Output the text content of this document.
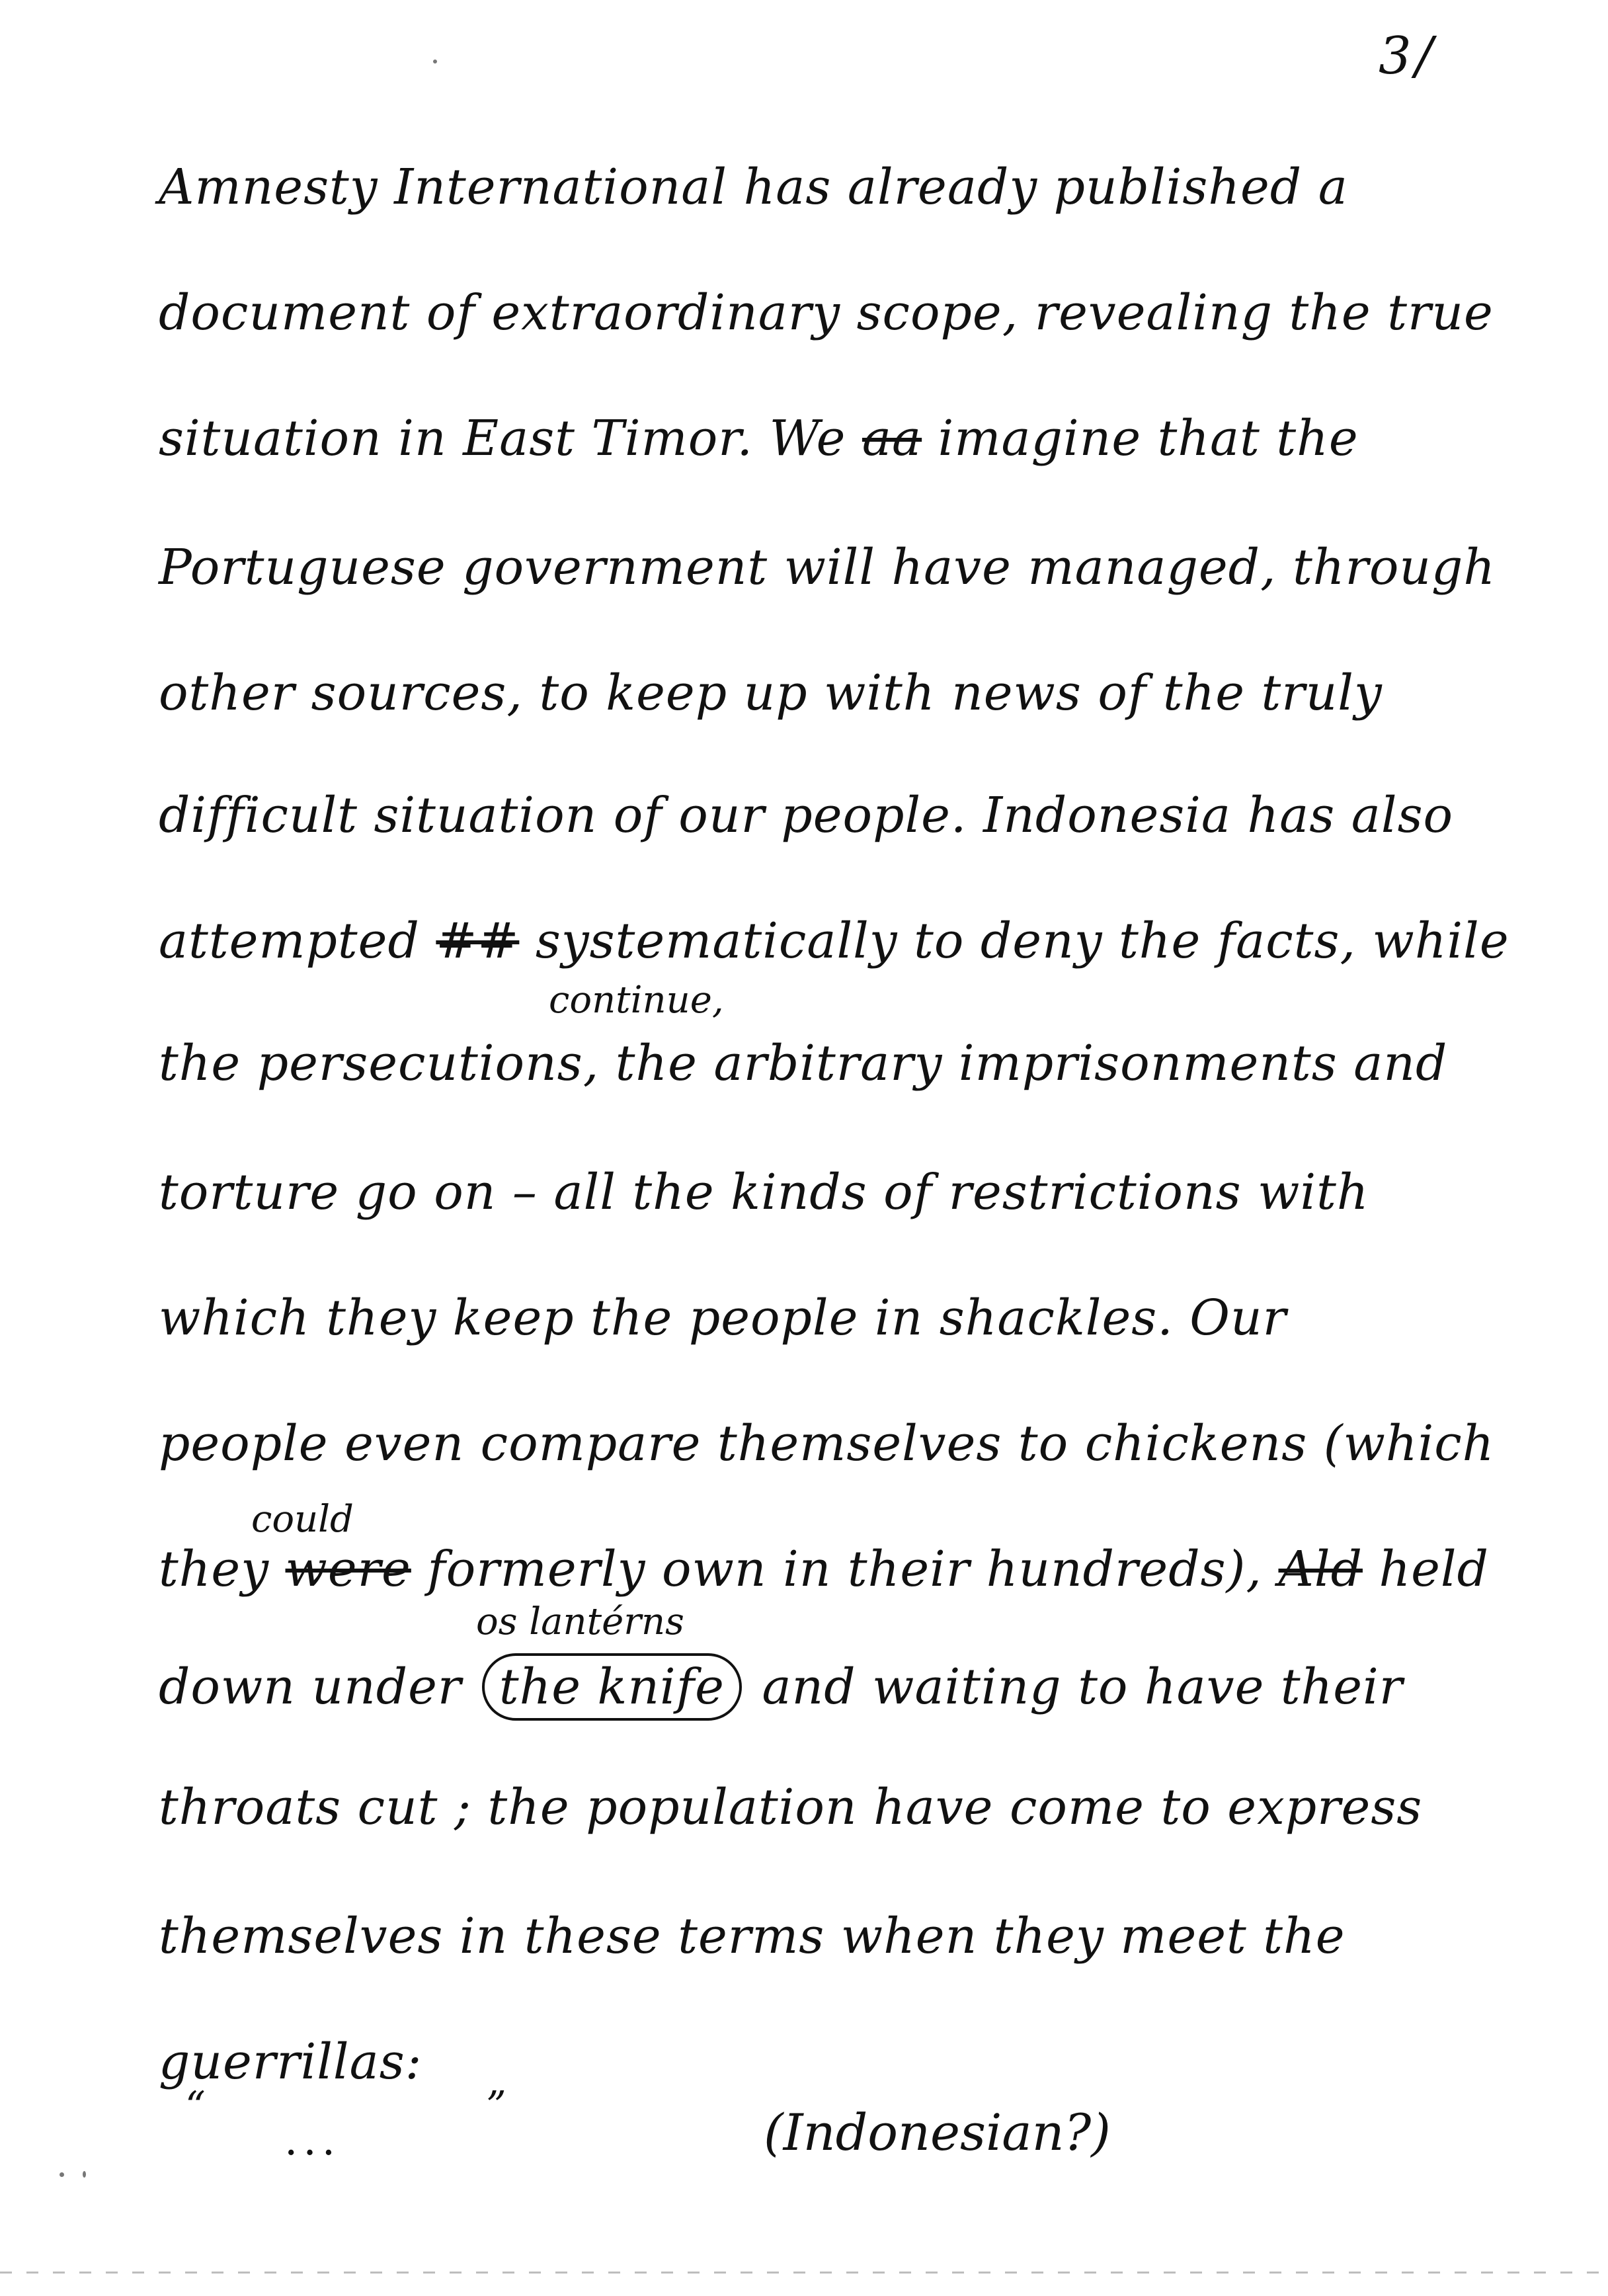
3/
Amnesty International has already published a
document of extraordinary scope, revealing the true
situation in East Timor. We aa imagine that the
Portuguese government will have managed, through
other sources, to keep up with news of the truly
difficult situation of our people. Indonesia has also
attempted ## systematically to deny the facts, while
continue,
the persecutions, the arbitrary imprisonments and
torture go on – all the kinds of restrictions with
which they keep the people in shackles. Our
people even compare themselves to chickens (which
could
they were formerly own in their hundreds), Ald held
os lantérns
down under the knife and waiting to have their
throats cut ; the population have come to express
themselves in these terms when they meet the
guerrillas:
“
...
”	(Indonesian?)
